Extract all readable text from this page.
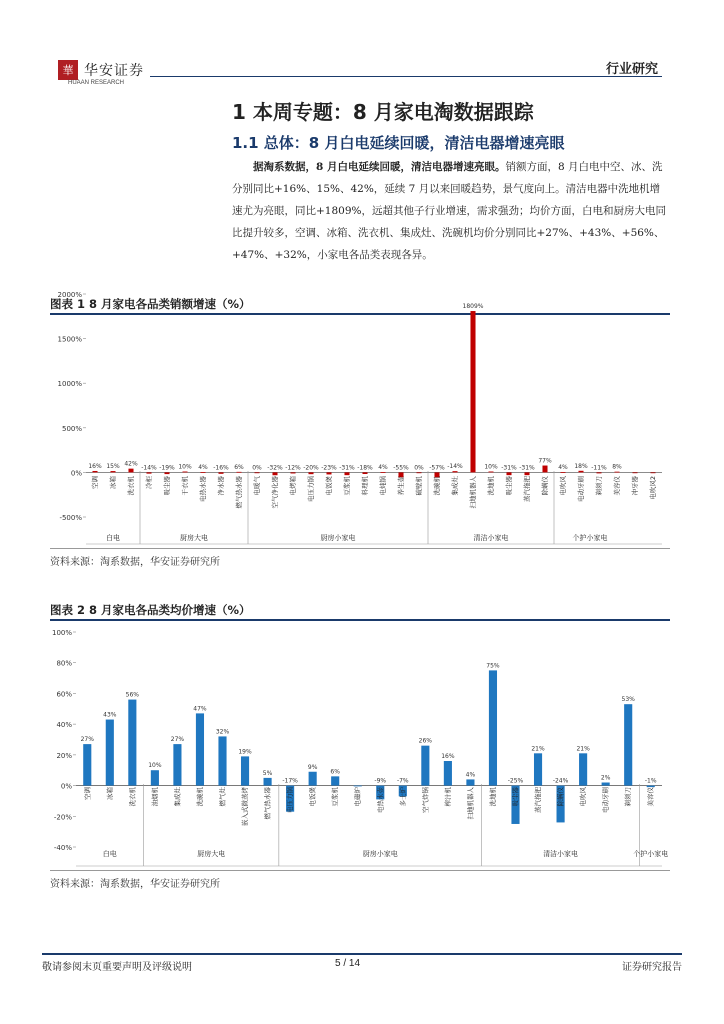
華 华安证券
HUAAN RESEARCH
行业研究
1 本周专题：8 月家电淘数据跟踪
1.1 总体：8 月白电延续回暖，清洁电器增速亮眼
据淘系数据，8 月白电延续回暖，清洁电器增速亮眼。销额方面，8 月白电中空、冰、洗分别同比+16%、15%、42%，延续 7 月以来回暖趋势，景气度向上。清洁电器中洗地机增速尤为亮眼，同比+1809%，远超其他子行业增速，需求强劲；均价方面，白电和厨房大电同比提升较多，空调、冰箱、洗衣机、集成灶、洗碗机均价分别同比+27%、+43%、+56%、+47%、+32%，小家电各品类表现各异。
图表 1 8 月家电各品类销额增速（%）
-500%
0%
500%
1000%
1500%
2000%
16%
空调
15%
冰箱
42%
洗衣机
-14%
冷柜
-19%
吸尘器
10%
干衣机
4%
电热水器
-16%
净水器
6%
燃气热水器
0%
电暖气
-32%
空气净化器
-12%
电烤箱
-20%
电压力锅
-23%
电饭煲
-31%
豆浆机
-18%
料理机
4%
电炖锅
-55%
养生壶
0%
破壁机
-57%
洗碗机
-14%
集成灶
1809%
扫地机器人
10%
洗地机
-31%
吸尘器
-31%
蒸汽拖把
77%
除螨仪
4%
电吹风
18%
电动牙刷
-11%
剃须刀
8%
美容仪 冲牙器 电吹风2
白电	厨房大电	厨房小家电	清洁小家电	个护小家电
资料来源：淘系数据，华安证券研究所
图表 2 8 月家电各品类均价增速（%）
-40%
-20%
0%
20%
40%
60%
80%
100%
27%
空调
43%
冰箱
56%
洗衣机
10%
油烟机
27%
集成灶
47%
洗碗机
32%
燃气灶
19%
嵌入式微蒸烤
5%
燃气热水器
-17%
电压力锅
9%
电饭煲
6%
豆浆机 电磁炉
-9%
电热水壶
-7%
多士炉
26%
空气炸锅
16%
榨汁机
4%
扫地机器人
75%
洗地机
-25%
吸尘器
21%
蒸汽拖把
-24%
除螨仪
21%
电吹风
2%
电动牙刷
53%
剃须刀
-1%
美容仪
白电	厨房大电	厨房小家电	清洁小家电	个护小家电
资料来源：淘系数据，华安证券研究所
敬请参阅末页重要声明及评级说明	5 / 14	证券研究报告
